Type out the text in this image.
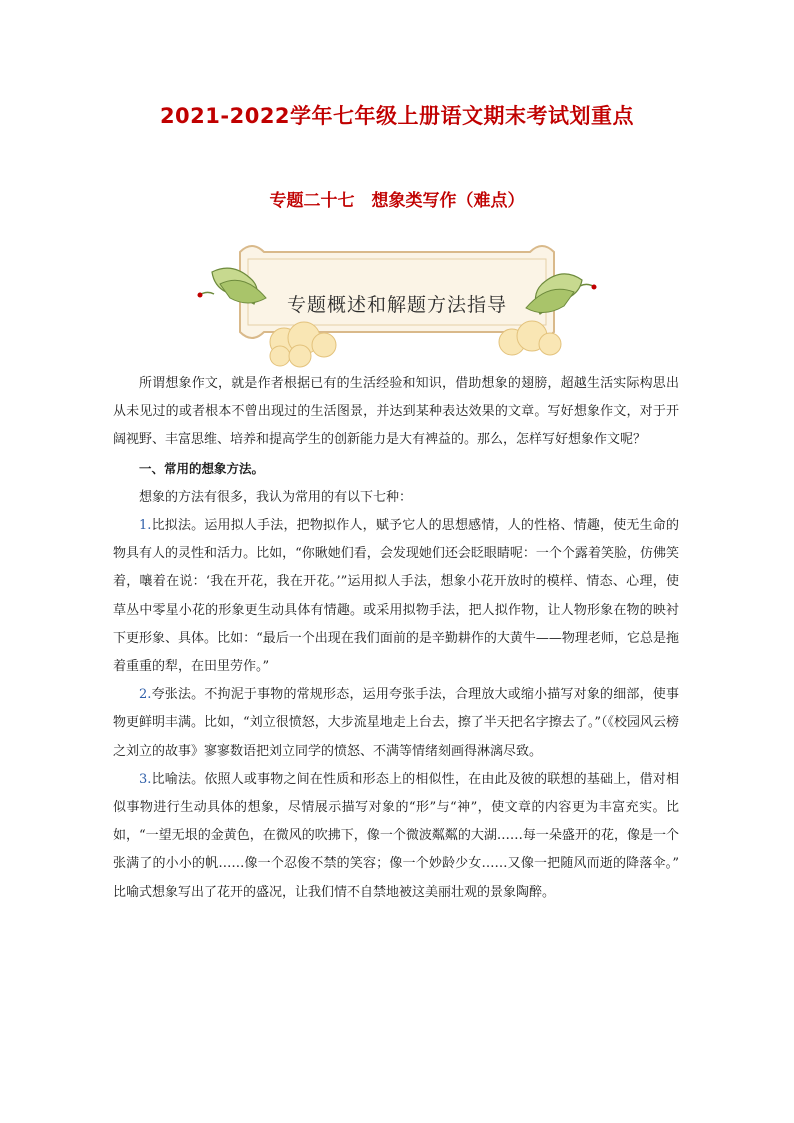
2021-2022学年七年级上册语文期末考试划重点
专题二十七　想象类写作（难点）
专题概述和解题方法指导

所谓想象作文，就是作者根据已有的生活经验和知识，借助想象的翅膀，超越生活实际构思出从未见过的或者根本不曾出现过的生活图景，并达到某种表达效果的文章。写好想象作文，对于开阔视野、丰富思维、培养和提高学生的创新能力是大有裨益的。那么，怎样写好想象作文呢？

一、常用的想象方法。

想象的方法有很多，我认为常用的有以下七种：

1.比拟法。运用拟人手法，把物拟作人，赋予它人的思想感情，人的性格、情趣，使无生命的物具有人的灵性和活力。比如，“你瞅她们看，会发现她们还会眨眼睛呢：一个个露着笑脸，仿佛笑着，嚷着在说：‘我在开花，我在开花。’”运用拟人手法，想象小花开放时的模样、情态、心理，使草丛中零星小花的形象更生动具体有情趣。或采用拟物手法，把人拟作物，让人物形象在物的映衬下更形象、具体。比如：“最后一个出现在我们面前的是辛勤耕作的大黄牛——物理老师，它总是拖着重重的犁，在田里劳作。”

2.夸张法。不拘泥于事物的常规形态，运用夸张手法，合理放大或缩小描写对象的细部，使事物更鲜明丰满。比如，“刘立很愤怒，大步流星地走上台去，擦了半天把名字擦去了。”（《校园风云榜之刘立的故事》寥寥数语把刘立同学的愤怒、不满等情绪刻画得淋漓尽致。

3.比喻法。依照人或事物之间在性质和形态上的相似性，在由此及彼的联想的基础上，借对相似事物进行生动具体的想象，尽情展示描写对象的“形”与“神”，使文章的内容更为丰富充实。比如，“一望无垠的金黄色，在微风的吹拂下，像一个微波粼粼的大湖……每一朵盛开的花，像是一个张满了的小小的帆……像一个忍俊不禁的笑容；像一个妙龄少女……又像一把随风而逝的降落伞。” 比喻式想象写出了花开的盛况，让我们情不自禁地被这美丽壮观的景象陶醉。
